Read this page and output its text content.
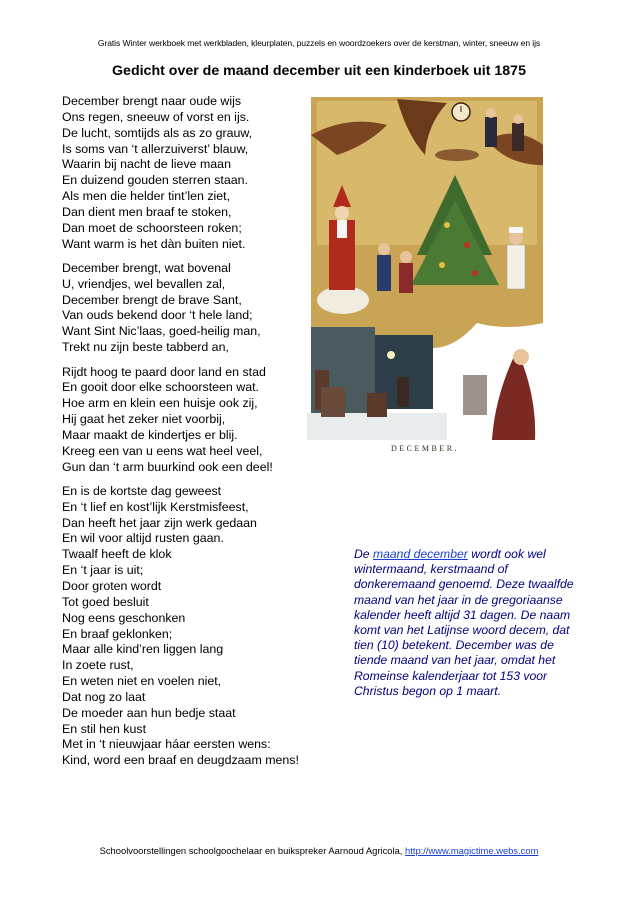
Gratis Winter werkboek met werkbladen, kleurplaten, puzzels en woordzoekers over de kerstman, winter, sneeuw en ijs
Gedicht over de maand december uit een kinderboek uit 1875
December brengt naar oude wijs
Ons regen, sneeuw of vorst en ijs.
De lucht, somtijds als as zo grauw,
Is soms van ‘t allerzuiverst’ blauw,
Waarin bij nacht de lieve maan
En duizend gouden sterren staan.
Als men die helder tint’len ziet,
Dan dient men braaf te stoken,
Dan moet de schoorsteen roken;
Want warm is het dàn buiten niet.
December brengt, wat bovenal
U, vriendjes, wel bevallen zal,
December brengt de brave Sant,
Van ouds bekend door ‘t hele land;
Want Sint Nic’laas, goed-heilig man,
Trekt nu zijn beste tabberd an,
Rijdt hoog te paard door land en stad
En gooit door elke schoorsteen wat.
Hoe arm en klein een huisje ook zij,
Hij gaat het zeker niet voorbij,
Maar maakt de kindertjes er blij.
Kreeg een van u eens wat heel veel,
Gun dan ‘t arm buurkind ook een deel!
En is de kortste dag geweest
En ‘t lief en kost’lijk Kerstmisfeest,
Dan heeft het jaar zijn werk gedaan
En wil voor altijd rusten gaan.
Twaalf heeft de klok
En ‘t jaar is uit;
Door groten wordt
Tot goed besluit
Nog eens geschonken
En braaf geklonken;
Maar alle kind’ren liggen lang
In zoete rust,
En weten niet en voelen niet,
Dat nog zo laat
De moeder aan hun bedje staat
En stil hen kust
Met in ‘t nieuwjaar háar eersten wens:
Kind, word een braaf en deugdzaam mens!
DECEMBER.
De maand december wordt ook wel wintermaand, kerstmaand of donkeremaand genoemd. Deze twaalfde maand van het jaar in de gregoriaanse kalender heeft altijd 31 dagen. De naam komt van het Latijnse woord decem, dat tien (10) betekent. December was de tiende maand van het jaar, omdat het Romeinse kalenderjaar tot 153 voor Christus begon op 1 maart.
Schoolvoorstellingen schoolgoochelaar en buikspreker Aarnoud Agricola, http://www.magictime.webs.com
